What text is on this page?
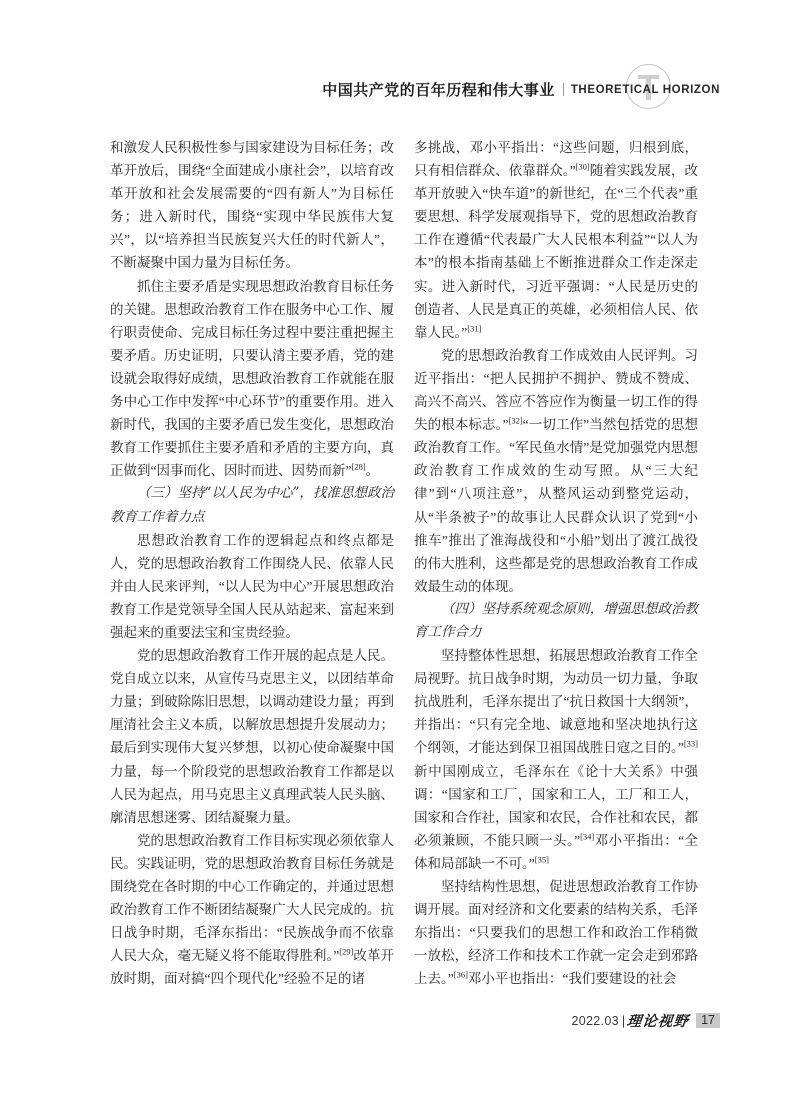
T
中国共产党的百年历程和伟大事业 THEORETICAL HORIZON

和激发人民积极性参与国家建设为目标任务；改革开放后，围绕“全面建成小康社会”，以培育改革开放和社会发展需要的“四有新人”为目标任务；进入新时代，围绕“实现中华民族伟大复兴”，以“培养担当民族复兴大任的时代新人”，不断凝聚中国力量为目标任务。

抓住主要矛盾是实现思想政治教育目标任务的关键。思想政治教育工作在服务中心工作、履行职责使命、完成目标任务过程中要注重把握主要矛盾。历史证明，只要认清主要矛盾，党的建设就会取得好成绩，思想政治教育工作就能在服务中心工作中发挥“中心环节”的重要作用。进入新时代，我国的主要矛盾已发生变化，思想政治教育工作要抓住主要矛盾和矛盾的主要方向，真正做到“因事而化、因时而进、因势而新”[28]。

（三）坚持“以人民为中心”，找准思想政治教育工作着力点

思想政治教育工作的逻辑起点和终点都是人，党的思想政治教育工作围绕人民、依靠人民并由人民来评判，“以人民为中心”开展思想政治教育工作是党领导全国人民从站起来、富起来到强起来的重要法宝和宝贵经验。

党的思想政治教育工作开展的起点是人民。党自成立以来，从宣传马克思主义，以团结革命力量；到破除陈旧思想，以调动建设力量；再到厘清社会主义本质，以解放思想提升发展动力；最后到实现伟大复兴梦想，以初心使命凝聚中国力量，每一个阶段党的思想政治教育工作都是以人民为起点，用马克思主义真理武装人民头脑、廓清思想迷雾、团结凝聚力量。

党的思想政治教育工作目标实现必须依靠人民。实践证明，党的思想政治教育目标任务就是围绕党在各时期的中心工作确定的，并通过思想政治教育工作不断团结凝聚广大人民完成的。抗日战争时期，毛泽东指出：“民族战争而不依靠人民大众，毫无疑义将不能取得胜利。”[29]改革开放时期，面对搞“四个现代化”经验不足的诸

多挑战，邓小平指出：“这些问题，归根到底，只有相信群众、依靠群众。”[30]随着实践发展，改革开放驶入“快车道”的新世纪，在“三个代表”重要思想、科学发展观指导下，党的思想政治教育工作在遵循“代表最广大人民根本利益”“以人为本”的根本指南基础上不断推进群众工作走深走实。进入新时代，习近平强调：“人民是历史的创造者、人民是真正的英雄，必须相信人民、依靠人民。”[31]

党的思想政治教育工作成效由人民评判。习近平指出：“把人民拥护不拥护、赞成不赞成、高兴不高兴、答应不答应作为衡量一切工作的得失的根本标志。”[32]“一切工作”当然包括党的思想政治教育工作。“军民鱼水情”是党加强党内思想政治教育工作成效的生动写照。从“三大纪律”到“八项注意”，从整风运动到整党运动，从“半条被子”的故事让人民群众认识了党到“小推车”推出了淮海战役和“小船”划出了渡江战役的伟大胜利，这些都是党的思想政治教育工作成效最生动的体现。

（四）坚持系统观念原则，增强思想政治教育工作合力

坚持整体性思想，拓展思想政治教育工作全局视野。抗日战争时期，为动员一切力量，争取抗战胜利，毛泽东提出了“抗日救国十大纲领”，并指出：“只有完全地、诚意地和坚决地执行这个纲领，才能达到保卫祖国战胜日寇之目的。”[33]新中国刚成立，毛泽东在《论十大关系》中强调：“国家和工厂，国家和工人，工厂和工人，国家和合作社，国家和农民，合作社和农民，都必须兼顾，不能只顾一头。”[34]邓小平指出：“全体和局部缺一不可。”[35]

坚持结构性思想，促进思想政治教育工作协调开展。面对经济和文化要素的结构关系，毛泽东指出：“只要我们的思想工作和政治工作稍微一放松，经济工作和技术工作就一定会走到邪路上去。”[36]邓小平也指出：“我们要建设的社会

2022.03 | 理论视野 17
